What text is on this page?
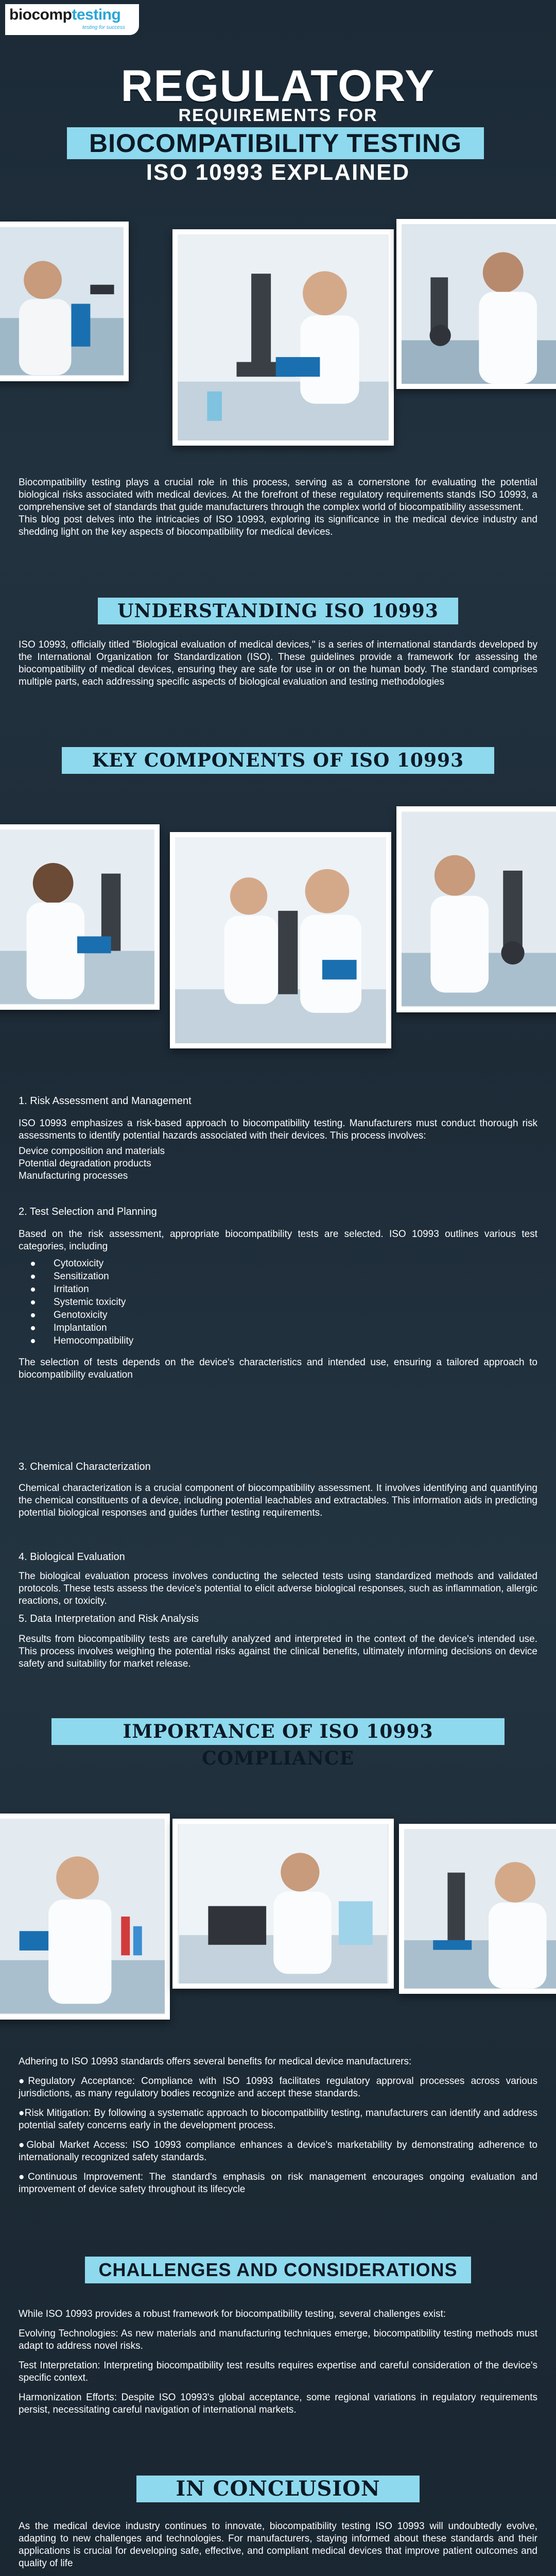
biocomptesting
testing for success
REGULATORY
REQUIREMENTS FOR
BIOCOMPATIBILITY TESTING
ISO 10993 EXPLAINED

Biocompatibility testing plays a crucial role in this process, serving as a cornerstone for evaluating the potential biological risks associated with medical devices. At the forefront of these regulatory requirements stands ISO 10993, a comprehensive set of standards that guide manufacturers through the complex world of biocompatibility assessment.

This blog post delves into the intricacies of ISO 10993, exploring its significance in the medical device industry and shedding light on the key aspects of biocompatibility for medical devices.

UNDERSTANDING ISO 10993
ISO 10993, officially titled "Biological evaluation of medical devices," is a series of international standards developed by the International Organization for Standardization (ISO). These guidelines provide a framework for assessing the biocompatibility of medical devices, ensuring they are safe for use in or on the human body. The standard comprises multiple parts, each addressing specific aspects of biological evaluation and testing methodologies
KEY COMPONENTS OF ISO 10993
1. Risk Assessment and Management

ISO 10993 emphasizes a risk-based approach to biocompatibility testing. Manufacturers must conduct thorough risk assessments to identify potential hazards associated with their devices. This process involves:

Device composition and materials
Potential degradation products
Manufacturing processes
2. Test Selection and Planning

Based on the risk assessment, appropriate biocompatibility tests are selected. ISO 10993 outlines various test categories, including

Cytotoxicity
Sensitization
Irritation
Systemic toxicity
Genotoxicity
Implantation
Hemocompatibility

The selection of tests depends on the device's characteristics and intended use, ensuring a tailored approach to biocompatibility evaluation

3. Chemical Characterization

Chemical characterization is a crucial component of biocompatibility assessment. It involves identifying and quantifying the chemical constituents of a device, including potential leachables and extractables. This information aids in predicting potential biological responses and guides further testing requirements.

4. Biological Evaluation

The biological evaluation process involves conducting the selected tests using standardized methods and validated protocols. These tests assess the device's potential to elicit adverse biological responses, such as inflammation, allergic reactions, or toxicity.

5. Data Interpretation and Risk Analysis

Results from biocompatibility tests are carefully analyzed and interpreted in the context of the device's intended use. This process involves weighing the potential risks against the clinical benefits, ultimately informing decisions on device safety and suitability for market release.

IMPORTANCE OF ISO 10993 COMPLIANCE

Adhering to ISO 10993 standards offers several benefits for medical device manufacturers:

●Regulatory Acceptance: Compliance with ISO 10993 facilitates regulatory approval processes across various jurisdictions, as many regulatory bodies recognize and accept these standards.

●Risk Mitigation: By following a systematic approach to biocompatibility testing, manufacturers can identify and address potential safety concerns early in the development process.

●Global Market Access: ISO 10993 compliance enhances a device's marketability by demonstrating adherence to internationally recognized safety standards.

●Continuous Improvement: The standard's emphasis on risk management encourages ongoing evaluation and improvement of device safety throughout its lifecycle

CHALLENGES AND CONSIDERATIONS

While ISO 10993 provides a robust framework for biocompatibility testing, several challenges exist:

Evolving Technologies: As new materials and manufacturing techniques emerge, biocompatibility testing methods must adapt to address novel risks.

Test Interpretation: Interpreting biocompatibility test results requires expertise and careful consideration of the device's specific context.

Harmonization Efforts: Despite ISO 10993's global acceptance, some regional variations in regulatory requirements persist, necessitating careful navigation of international markets.

IN CONCLUSION
As the medical device industry continues to innovate, biocompatibility testing ISO 10993 will undoubtedly evolve, adapting to new challenges and technologies. For manufacturers, staying informed about these standards and their applications is crucial for developing safe, effective, and compliant medical devices that improve patient outcomes and quality of life
